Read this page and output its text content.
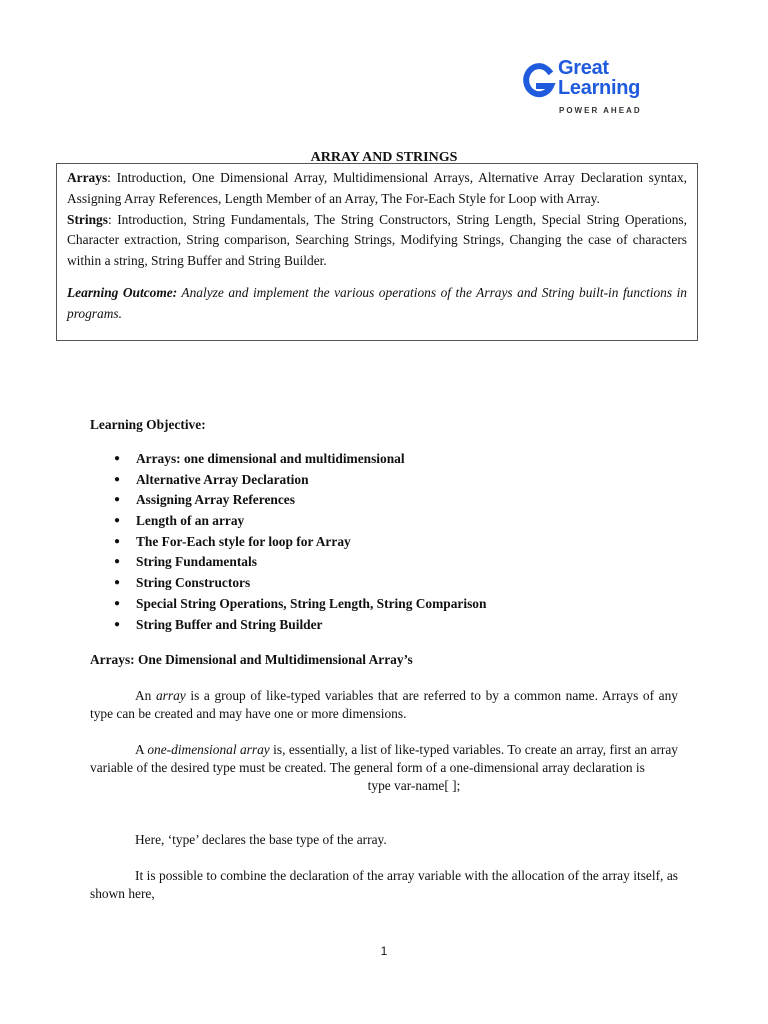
Great
Learning
POWER AHEAD
ARRAY AND STRINGS

Arrays: Introduction, One Dimensional Array, Multidimensional Arrays, Alternative Array Declaration syntax, Assigning Array References, Length Member of an Array, The For-Each Style for Loop with Array.

Strings: Introduction, String Fundamentals, The String Constructors, String Length, Special String Operations, Character extraction, String comparison, Searching Strings, Modifying Strings, Changing the case of characters within a string, String Buffer and String Builder.

Learning Outcome: Analyze and implement the various operations of the Arrays and String built-in functions in programs.

Learning Objective:
● Arrays: one dimensional and multidimensional
● Alternative Array Declaration
● Assigning Array References
● Length of an array
● The For-Each style for loop for Array
● String Fundamentals
● String Constructors
● Special String Operations, String Length, String Comparison
● String Buffer and String Builder
Arrays: One Dimensional and Multidimensional Array’s
An array is a group of like-typed variables that are referred to by a common name. Arrays of any type can be created and may have one or more dimensions.
A one-dimensional array is, essentially, a list of like-typed variables. To create an array, first an array variable of the desired type must be created. The general form of a one-dimensional array declaration is
type var-name[ ];
Here, ‘type’ declares the base type of the array.
It is possible to combine the declaration of the array variable with the allocation of the array itself, as shown here,
1
